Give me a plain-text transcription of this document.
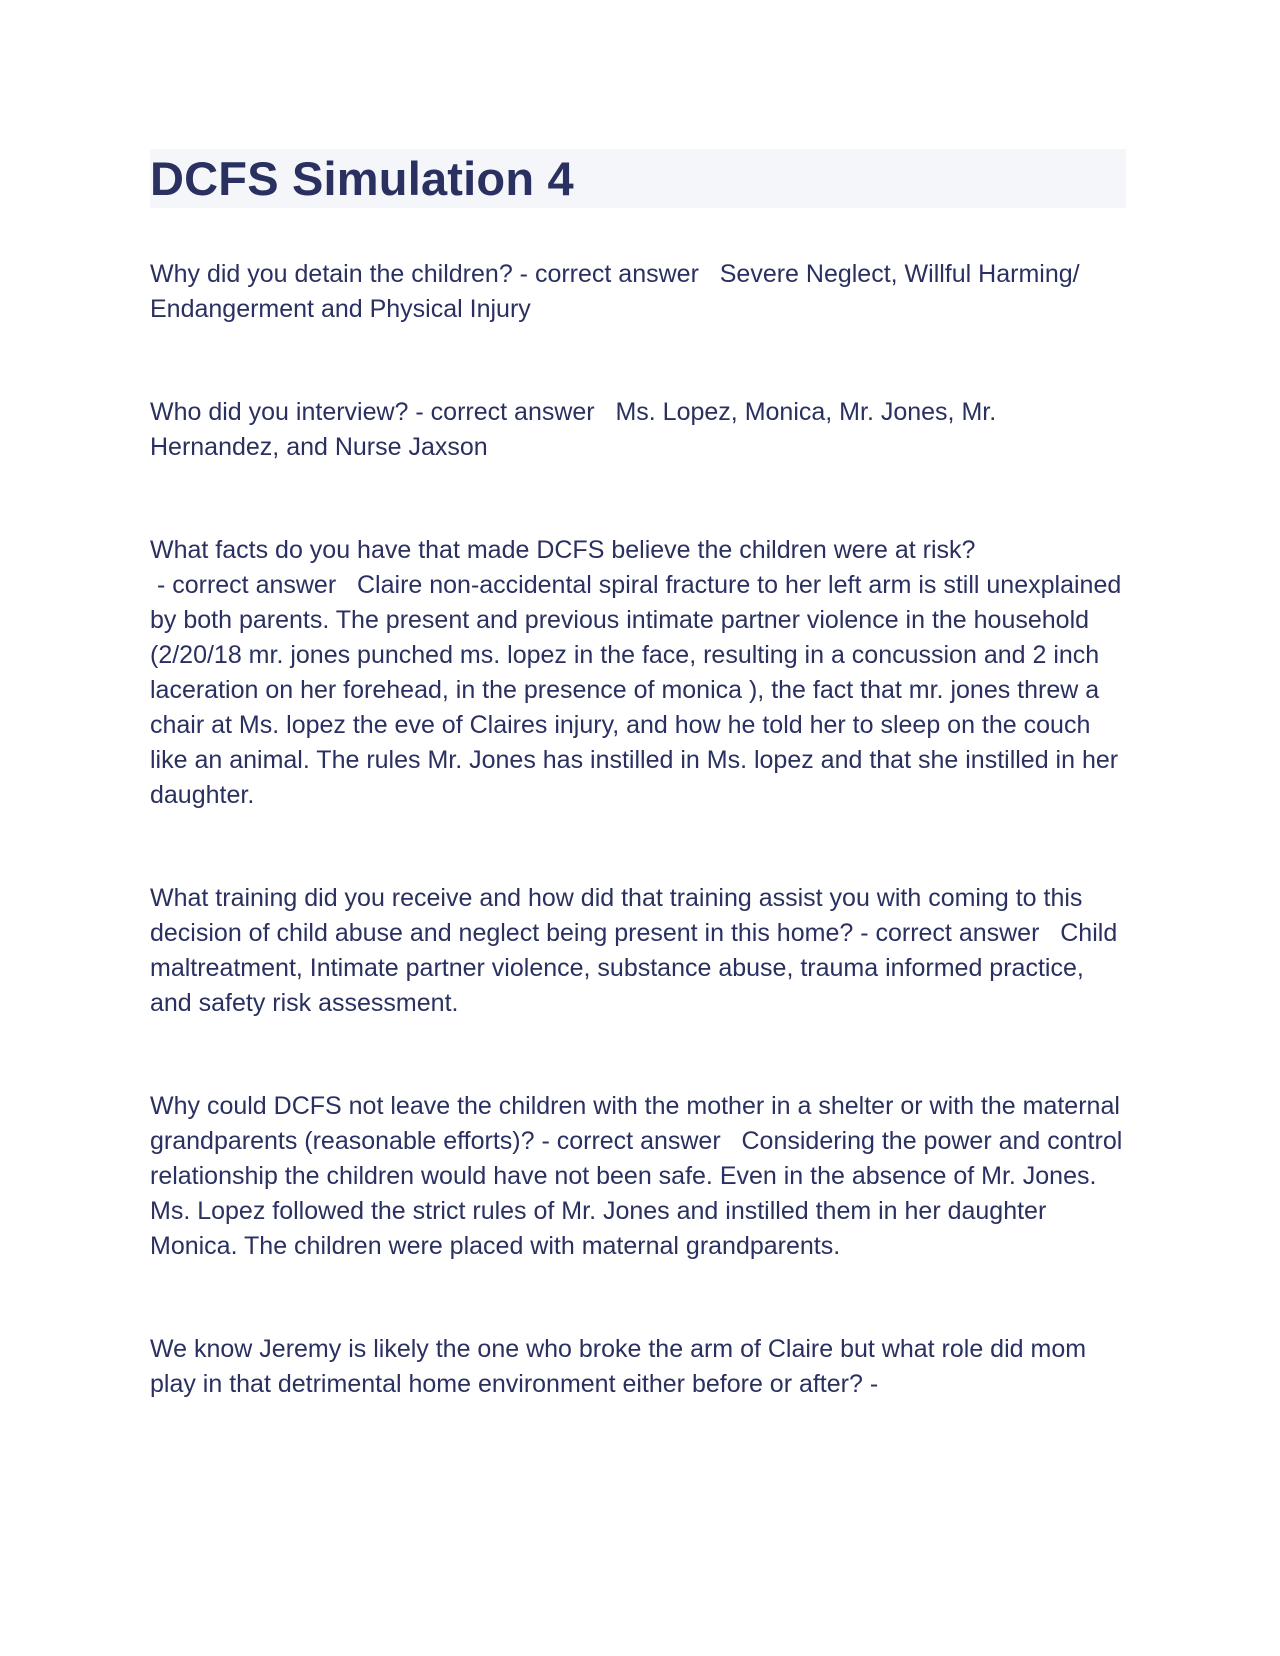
DCFS Simulation 4

Why did you detain the children? - correct answer   Severe Neglect, Willful Harming/ Endangerment and Physical Injury

Who did you interview? - correct answer   Ms. Lopez, Monica, Mr. Jones, Mr. Hernandez, and Nurse Jaxson

What facts do you have that made DCFS believe the children were at risk? - correct answer   Claire non-accidental spiral fracture to her left arm is still unexplained by both parents. The present and previous intimate partner violence in the household (2/20/18 mr. jones punched ms. lopez in the face, resulting in a concussion and 2 inch laceration on her forehead, in the presence of monica ), the fact that mr. jones threw a chair at Ms. lopez the eve of Claires injury, and how he told her to sleep on the couch like an animal. The rules Mr. Jones has instilled in Ms. lopez and that she instilled in her daughter.

What training did you receive and how did that training assist you with coming to this decision of child abuse and neglect being present in this home? - correct answer   Child maltreatment, Intimate partner violence, substance abuse, trauma informed practice, and safety risk assessment.

Why could DCFS not leave the children with the mother in a shelter or with the maternal grandparents (reasonable efforts)? - correct answer   Considering the power and control relationship the children would have not been safe. Even in the absence of Mr. Jones. Ms. Lopez followed the strict rules of Mr. Jones and instilled them in her daughter Monica. The children were placed with maternal grandparents.

We know Jeremy is likely the one who broke the arm of Claire but what role did mom play in that detrimental home environment either before or after? -
